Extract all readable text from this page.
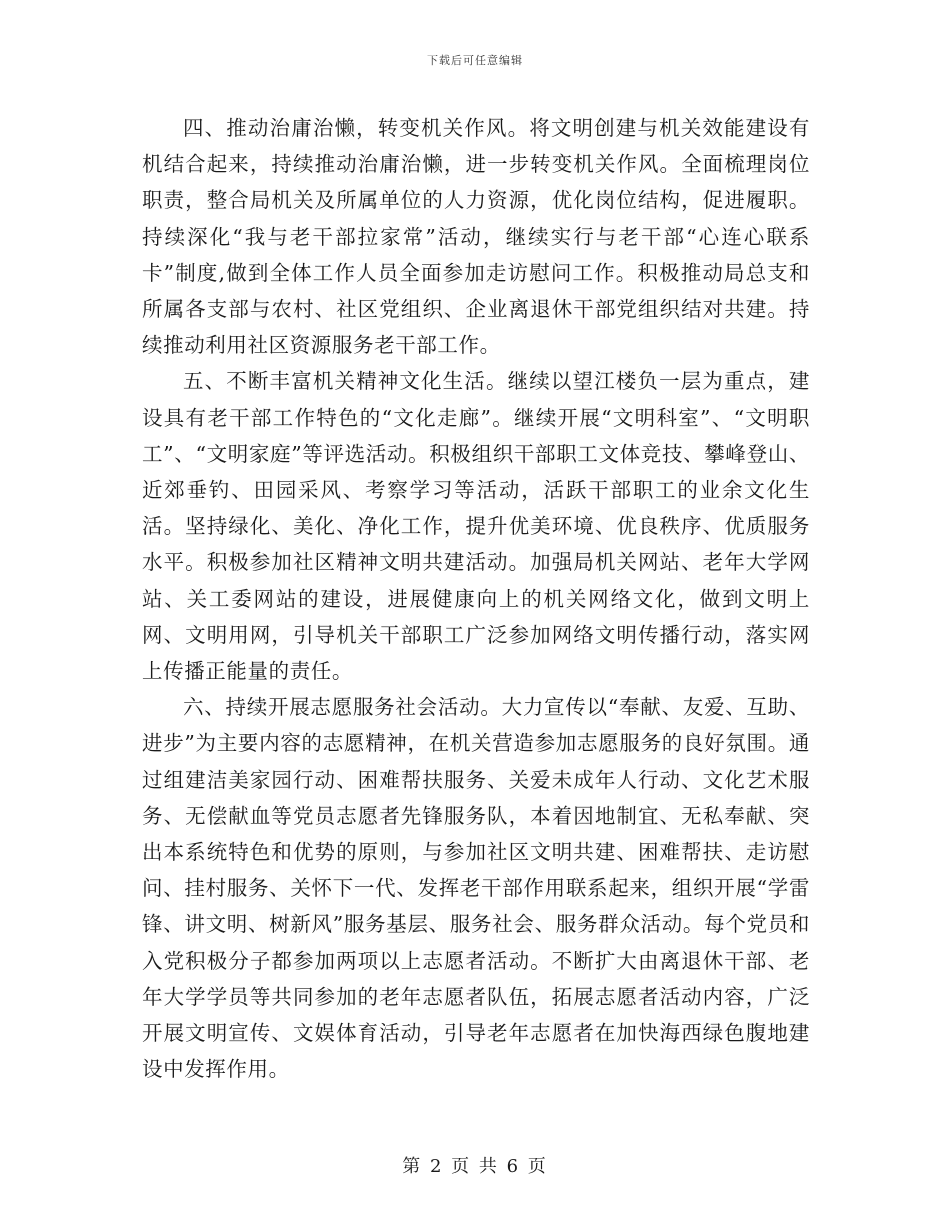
下载后可任意编辑

四、推动治庸治懒，转变机关作风。将文明创建与机关效能建设有机结合起来，持续推动治庸治懒，进一步转变机关作风。全面梳理岗位职责，整合局机关及所属单位的人力资源，优化岗位结构，促进履职。持续深化“我与老干部拉家常”活动，继续实行与老干部“心连心联系卡”制度,做到全体工作人员全面参加走访慰问工作。积极推动局总支和所属各支部与农村、社区党组织、企业离退休干部党组织结对共建。持续推动利用社区资源服务老干部工作。

五、不断丰富机关精神文化生活。继续以望江楼负一层为重点，建设具有老干部工作特色的“文化走廊”。继续开展“文明科室”、“文明职工”、“文明家庭”等评选活动。积极组织干部职工文体竞技、攀峰登山、近郊垂钓、田园采风、考察学习等活动，活跃干部职工的业余文化生活。坚持绿化、美化、净化工作，提升优美环境、优良秩序、优质服务水平。积极参加社区精神文明共建活动。加强局机关网站、老年大学网站、关工委网站的建设，进展健康向上的机关网络文化，做到文明上网、文明用网，引导机关干部职工广泛参加网络文明传播行动，落实网上传播正能量的责任。

六、持续开展志愿服务社会活动。大力宣传以“奉献、友爱、互助、进步”为主要内容的志愿精神，在机关营造参加志愿服务的良好氛围。通过组建洁美家园行动、困难帮扶服务、关爱未成年人行动、文化艺术服务、无偿献血等党员志愿者先锋服务队，本着因地制宜、无私奉献、突出本系统特色和优势的原则，与参加社区文明共建、困难帮扶、走访慰问、挂村服务、关怀下一代、发挥老干部作用联系起来，组织开展“学雷锋、讲文明、树新风”服务基层、服务社会、服务群众活动。每个党员和入党积极分子都参加两项以上志愿者活动。不断扩大由离退休干部、老年大学学员等共同参加的老年志愿者队伍，拓展志愿者活动内容，广泛开展文明宣传、文娱体育活动，引导老年志愿者在加快海西绿色腹地建设中发挥作用。

第 2 页 共 6 页
